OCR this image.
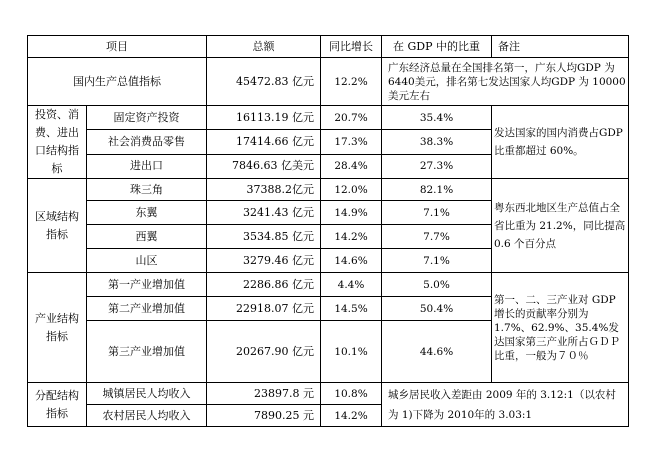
项目		总额	同比增长	在 GDP 中的比重	备注
国内生产总值指标		45472.83 亿元	12.2%	广东经济总量在全国排名第一，广东人均GDP 为 6440美元，排名第七发达国家人均GDP 为 10000 美元左右	
投资、消费、进出口结构指标	固定资产投资	16113.19 亿元	20.7%	35.4%	发达国家的国内消费占GDP比重都超过 60%。
	社会消费品零售	17414.66 亿元	17.3%	38.3%	
	进出口	7846.63 亿美元	28.4%	27.3%	
区域结构指标	珠三角	37388.2亿元	12.0%	82.1%	粤东西北地区生产总值占全省比重为 21.2%，同比提高 0.6 个百分点
	东翼	3241.43 亿元	14.9%	7.1%	
	西翼	3534.85 亿元	14.2%	7.7%	
	山区	3279.46 亿元	14.6%	7.1%	
产业结构指标	第一产业增加值	2286.86 亿元	4.4%	5.0%	第一、二、三产业对 GDP 增长的贡献率分别为 1.7%、62.9%、35.4%发达国家第三产业所占ＧＤＰ比重，一般为７０％
	第二产业增加值	22918.07 亿元	14.5%	50.4%	
	第三产业增加值	20267.90 亿元	10.1%	44.6%	
分配结构指标	城镇居民人均收入	23897.8 元	10.8%	城乡居民收入差距由 2009 年的 3.12:1（以农村为 1)下降为 2010年的 3.03:1	
	农村居民人均收入	7890.25 元	14.2%		
